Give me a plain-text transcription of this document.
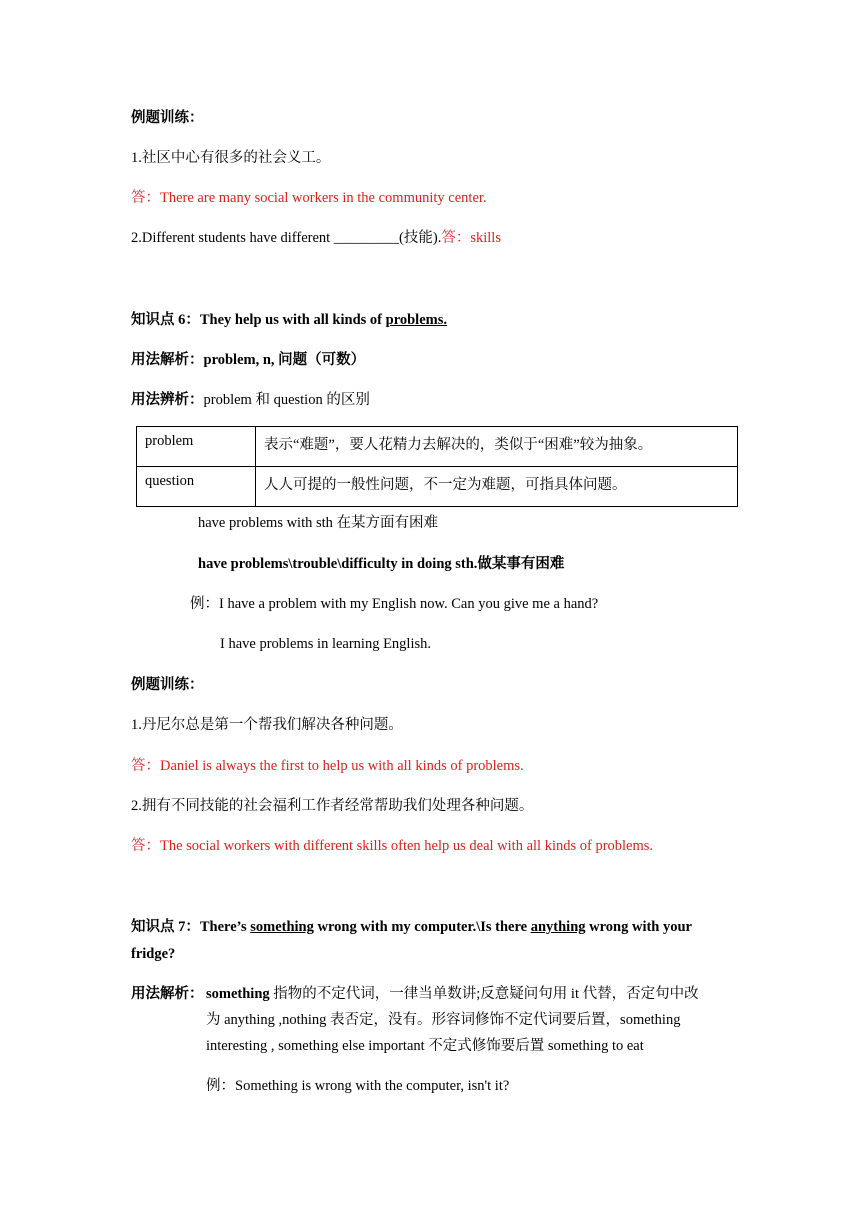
例题训练：
1.社区中心有很多的社会义工。
答：There are many social workers in the community center.
2.Different students have different _________(技能).答：skills
知识点 6：They help us with all kinds of problems.
用法解析：problem, n, 问题（可数）
用法辨析：problem 和 question 的区别
problem	表示“难题”，要人花精力去解决的，类似于“困难”较为抽象。
question	人人可提的一般性问题，不一定为难题，可指具体问题。
have problems with sth 在某方面有困难
have problems\trouble\difficulty in doing sth.做某事有困难
例：I have a problem with my English now. Can you give me a hand?
I have problems in learning English.
例题训练：
1.丹尼尔总是第一个帮我们解决各种问题。
答：Daniel is always the first to help us with all kinds of problems.
2.拥有不同技能的社会福利工作者经常帮助我们处理各种问题。
答：The social workers with different skills often help us deal with all kinds of problems.
知识点 7：There’s something wrong with my computer.\Is there anything wrong with your
fridge?
用法解析： something 指物的不定代词，一律当单数讲;反意疑问句用 it 代替，否定句中改
为 anything ,nothing 表否定，没有。形容词修饰不定代词要后置，something
interesting , something else important 不定式修饰要后置 something to eat
例：Something is wrong with the computer, isn't it?
